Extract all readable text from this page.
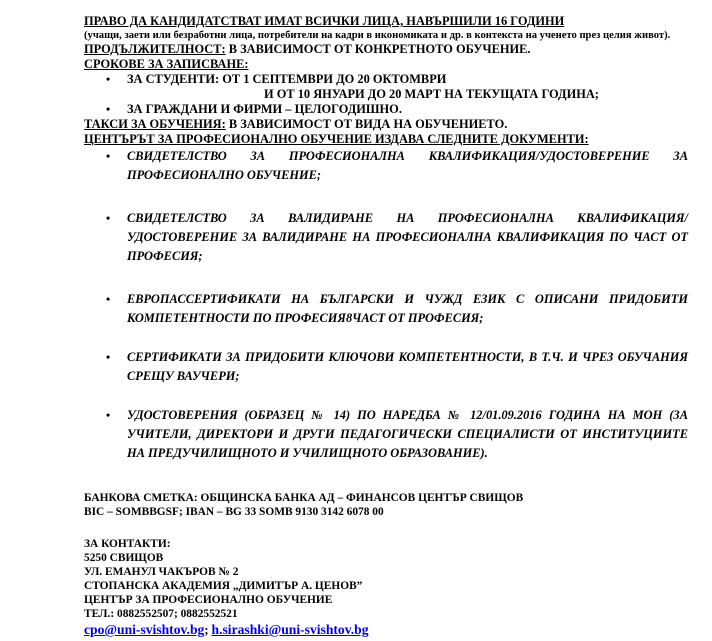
ПРАВО ДА КАНДИДАТСТВАТ ИМАТ ВСИЧКИ ЛИЦА, НАВЪРШИЛИ 16 ГОДИНИ
(учащи, заети или безработни лица, потребители на кадри в икономиката и др. в контекста на ученето през целия живот).
ПРОДЪЛЖИТЕЛНОСТ: В ЗАВИСИМОСТ ОТ КОНКРЕТНОТО ОБУЧЕНИЕ.
СРОКОВЕ ЗА ЗАПИСВАНЕ:
• ЗА СТУДЕНТИ: ОТ 1 СЕПТЕМВРИ ДО 20 ОКТОМВРИ
И ОТ 10 ЯНУАРИ ДО 20 МАРТ НА ТЕКУЩАТА ГОДИНА;
• ЗА ГРАЖДАНИ И ФИРМИ – ЦЕЛОГОДИШНО.
ТАКСИ ЗА ОБУЧЕНИЯ: В ЗАВИСИМОСТ ОТ ВИДА НА ОБУЧЕНИЕТО.
ЦЕНТЪРЪТ ЗА ПРОФЕСИОНАЛНО ОБУЧЕНИЕ ИЗДАВА СЛЕДНИТЕ ДОКУМЕНТИ:
• СВИДЕТЕЛСТВО ЗА ПРОФЕСИОНАЛНА КВАЛИФИКАЦИЯ/УДОСТОВЕРЕНИЕ ЗА ПРОФЕСИОНАЛНО ОБУЧЕНИЕ;
• СВИДЕТЕЛСТВО ЗА ВАЛИДИРАНЕ НА ПРОФЕСИОНАЛНА КВАЛИФИКАЦИЯ/УДОСТОВЕРЕНИЕ ЗА ВАЛИДИРАНЕ НА ПРОФЕСИОНАЛНА КВАЛИФИКАЦИЯ ПО ЧАСТ ОТ ПРОФЕСИЯ;
• ЕВРОПАССЕРТИФИКАТИ НА БЪЛГАРСКИ И ЧУЖД ЕЗИК С ОПИСАНИ ПРИДОБИТИ КОМПЕТЕНТНОСТИ ПО ПРОФЕСИЯ8ЧАСТ ОТ ПРОФЕСИЯ;
• СЕРТИФИКАТИ ЗА ПРИДОБИТИ КЛЮЧОВИ КОМПЕТЕНТНОСТИ, В Т.Ч. И ЧРЕЗ ОБУЧАНИЯ СРЕЩУ ВАУЧЕРИ;
• УДОСТОВЕРЕНИЯ (ОБРАЗЕЦ № 14) ПО НАРЕДБА № 12/01.09.2016 ГОДИНА НА МОН (ЗА УЧИТЕЛИ, ДИРЕКТОРИ И ДРУГИ ПЕДАГОГИЧЕСКИ СПЕЦИАЛИСТИ ОТ ИНСТИТУЦИИТЕ НА ПРЕДУЧИЛИЩНОТО И УЧИЛИЩНОТО ОБРАЗОВАНИЕ).
БАНКОВА СМЕТКА: ОБЩИНСКА БАНКА АД – ФИНАНСОВ ЦЕНТЪР СВИЩОВ
BIC – SOMBBGSF; IBAN – BG 33 SOMB 9130 3142 6078 00
ЗА КОНТАКТИ:
5250 СВИЩОВ
УЛ. ЕМАНУЛ ЧАКЪРОВ № 2
СТОПАНСКА АКАДЕМИЯ „ДИМИТЪР А. ЦЕНОВ”
ЦЕНТЪР ЗА ПРОФЕСИОНАЛНО ОБУЧЕНИЕ
ТЕЛ.: 0882552507; 0882552521
cpo@uni-svishtov.bg; h.sirashki@uni-svishtov.bg
